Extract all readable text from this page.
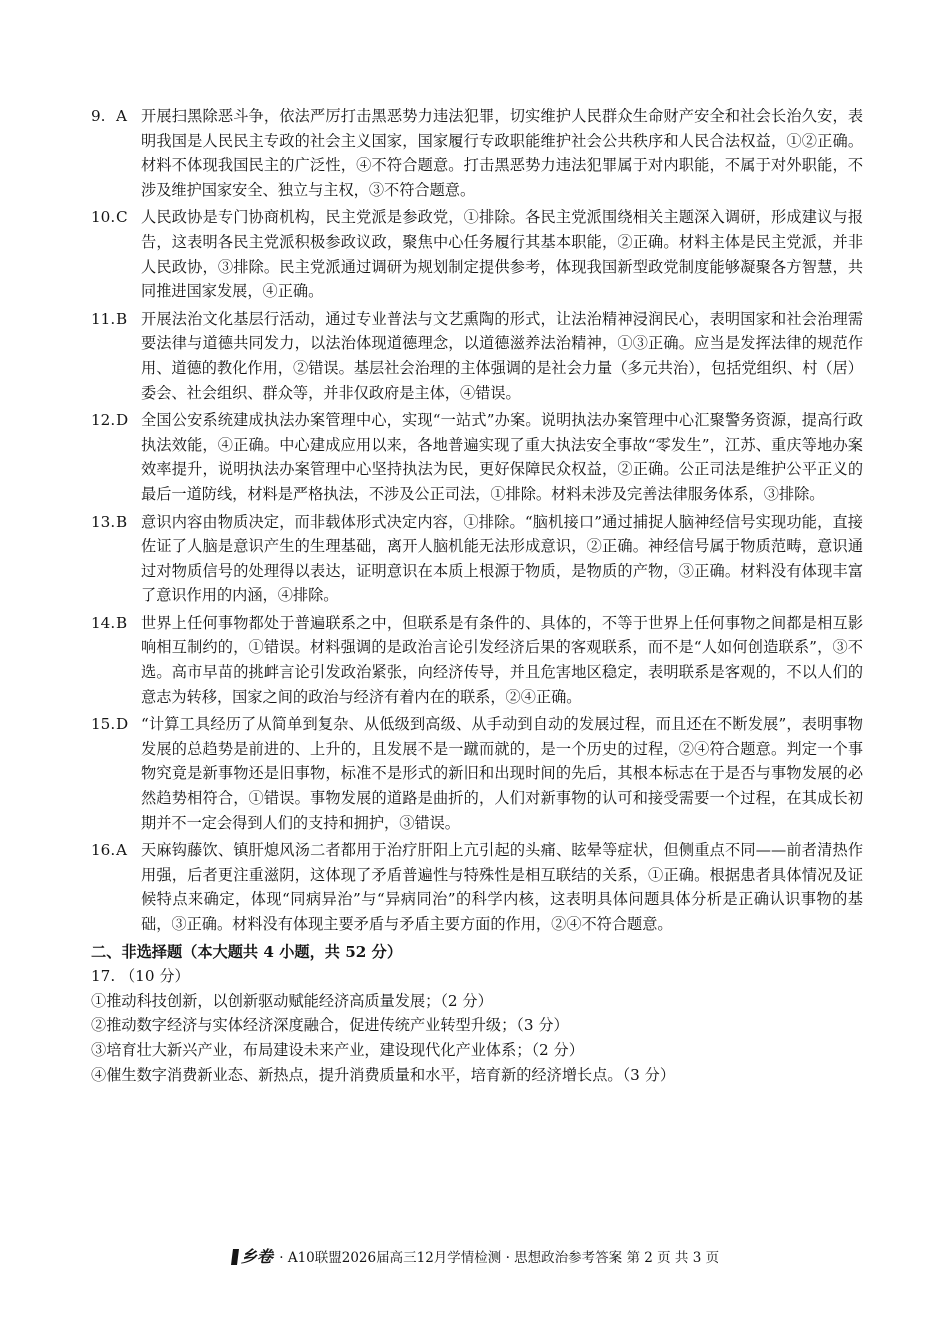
9. A 开展扫黑除恶斗争，依法严厉打击黑恶势力违法犯罪，切实维护人民群众生命财产安全和社会长治久安，表明我国是人民民主专政的社会主义国家，国家履行专政职能维护社会公共秩序和人民合法权益，①②正确。材料不体现我国民主的广泛性，④不符合题意。打击黑恶势力违法犯罪属于对内职能，不属于对外职能，不涉及维护国家安全、独立与主权，③不符合题意。
10. C 人民政协是专门协商机构，民主党派是参政党，①排除。各民主党派围绕相关主题深入调研，形成建议与报告，这表明各民主党派积极参政议政，聚焦中心任务履行其基本职能，②正确。材料主体是民主党派，并非人民政协，③排除。民主党派通过调研为规划制定提供参考，体现我国新型政党制度能够凝聚各方智慧，共同推进国家发展，④正确。
11. B 开展法治文化基层行活动，通过专业普法与文艺熏陶的形式，让法治精神浸润民心，表明国家和社会治理需要法律与道德共同发力，以法治体现道德理念，以道德滋养法治精神，①③正确。应当是发挥法律的规范作用、道德的教化作用，②错误。基层社会治理的主体强调的是社会力量（多元共治），包括党组织、村（居）委会、社会组织、群众等，并非仅政府是主体，④错误。
12. D 全国公安系统建成执法办案管理中心，实现“一站式”办案。说明执法办案管理中心汇聚警务资源，提高行政执法效能，④正确。中心建成应用以来，各地普遍实现了重大执法安全事故“零发生”，江苏、重庆等地办案效率提升，说明执法办案管理中心坚持执法为民，更好保障民众权益，②正确。公正司法是维护公平正义的最后一道防线，材料是严格执法，不涉及公正司法，①排除。材料未涉及完善法律服务体系，③排除。
13. B 意识内容由物质决定，而非载体形式决定内容，①排除。“脑机接口”通过捕捉人脑神经信号实现功能，直接佐证了人脑是意识产生的生理基础，离开人脑机能无法形成意识，②正确。神经信号属于物质范畴，意识通过对物质信号的处理得以表达，证明意识在本质上根源于物质，是物质的产物，③正确。材料没有体现丰富了意识作用的内涵，④排除。
14. B 世界上任何事物都处于普遍联系之中，但联系是有条件的、具体的，不等于世界上任何事物之间都是相互影响相互制约的，①错误。材料强调的是政治言论引发经济后果的客观联系，而不是“人如何创造联系”，③不选。高市早苗的挑衅言论引发政治紧张，向经济传导，并且危害地区稳定，表明联系是客观的，不以人们的意志为转移，国家之间的政治与经济有着内在的联系，②④正确。
15. D “计算工具经历了从简单到复杂、从低级到高级、从手动到自动的发展过程，而且还在不断发展”，表明事物发展的总趋势是前进的、上升的，且发展不是一蹴而就的，是一个历史的过程，②④符合题意。判定一个事物究竟是新事物还是旧事物，标准不是形式的新旧和出现时间的先后，其根本标志在于是否与事物发展的必然趋势相符合，①错误。事物发展的道路是曲折的，人们对新事物的认可和接受需要一个过程，在其成长初期并不一定会得到人们的支持和拥护，③错误。
16. A 天麻钩藤饮、镇肝熄风汤二者都用于治疗肝阳上亢引起的头痛、眩晕等症状，但侧重点不同——前者清热作用强，后者更注重滋阴，这体现了矛盾普遍性与特殊性是相互联结的关系，①正确。根据患者具体情况及证候特点来确定，体现“同病异治”与“异病同治”的科学内核，这表明具体问题具体分析是正确认识事物的基础，③正确。材料没有体现主要矛盾与矛盾主要方面的作用，②④不符合题意。
二、非选择题（本大题共 4 小题，共 52 分）
17. （10 分）
①推动科技创新，以创新驱动赋能经济高质量发展；（2 分）
②推动数字经济与实体经济深度融合，促进传统产业转型升级；（3 分）
③培育壮大新兴产业，布局建设未来产业，建设现代化产业体系；（2 分）
④催生数字消费新业态、新热点，提升消费质量和水平，培育新的经济增长点。（3 分）
乡卷 · A10联盟2026届高三12月学情检测 · 思想政治参考答案 第 2 页 共 3 页
